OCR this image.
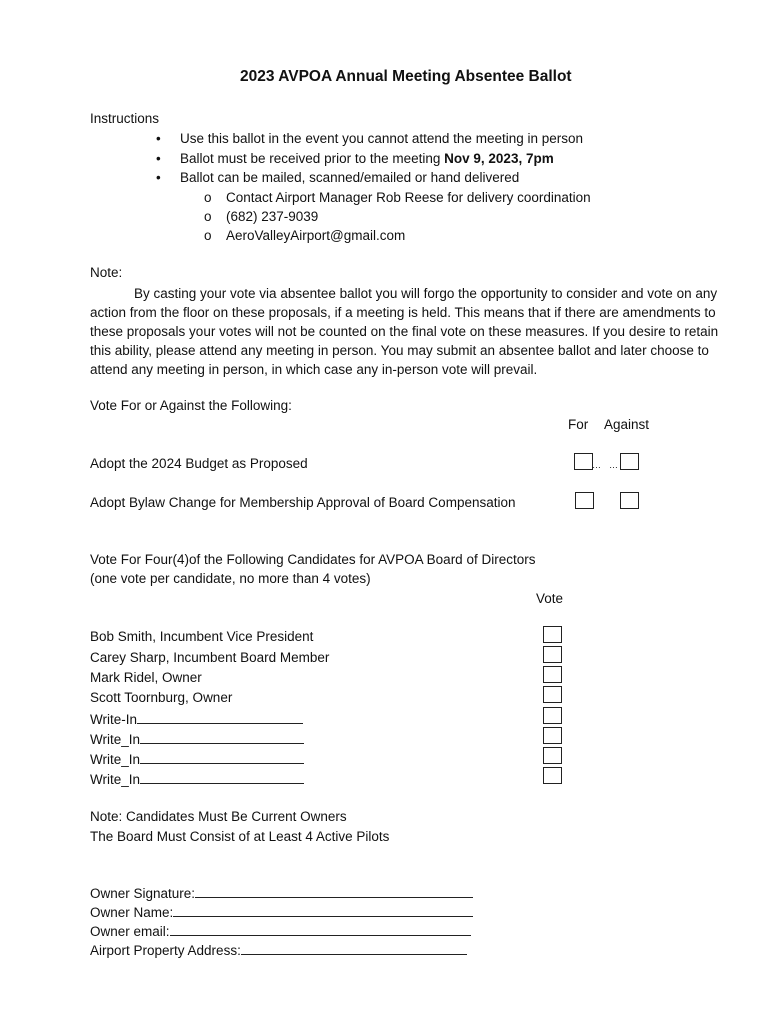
2023 AVPOA Annual Meeting Absentee Ballot
Instructions
• Use this ballot in the event you cannot attend the meeting in person
• Ballot must be received prior to the meeting Nov 9, 2023, 7pm
• Ballot can be mailed, scanned/emailed or hand delivered
o Contact Airport Manager Rob Reese for delivery coordination
o (682) 237-9039
o AeroValleyAirport@gmail.com
Note:
By casting your vote via absentee ballot you will forgo the opportunity to consider and vote on any action from the floor on these proposals, if a meeting is held. This means that if there are amendments to these proposals your votes will not be counted on the final vote on these measures. If you desire to retain this ability, please attend any meeting in person. You may submit an absentee ballot and later choose to attend any meeting in person, in which case any in-person vote will prevail.
Vote For or Against the Following:
For Against
Adopt the 2024 Budget as Proposed	… …
Adopt Bylaw Change for Membership Approval of Board Compensation
Vote For Four(4)of the Following Candidates for AVPOA Board of Directors
(one vote per candidate, no more than 4 votes)
Vote
Bob Smith, Incumbent Vice President
Carey Sharp, Incumbent Board Member
Mark Ridel, Owner
Scott Toornburg, Owner
Write-In
Write_In
Write_In
Write_In
Note: Candidates Must Be Current Owners
The Board Must Consist of at Least 4 Active Pilots
Owner Signature:
Owner Name:
Owner email:
Airport Property Address:
